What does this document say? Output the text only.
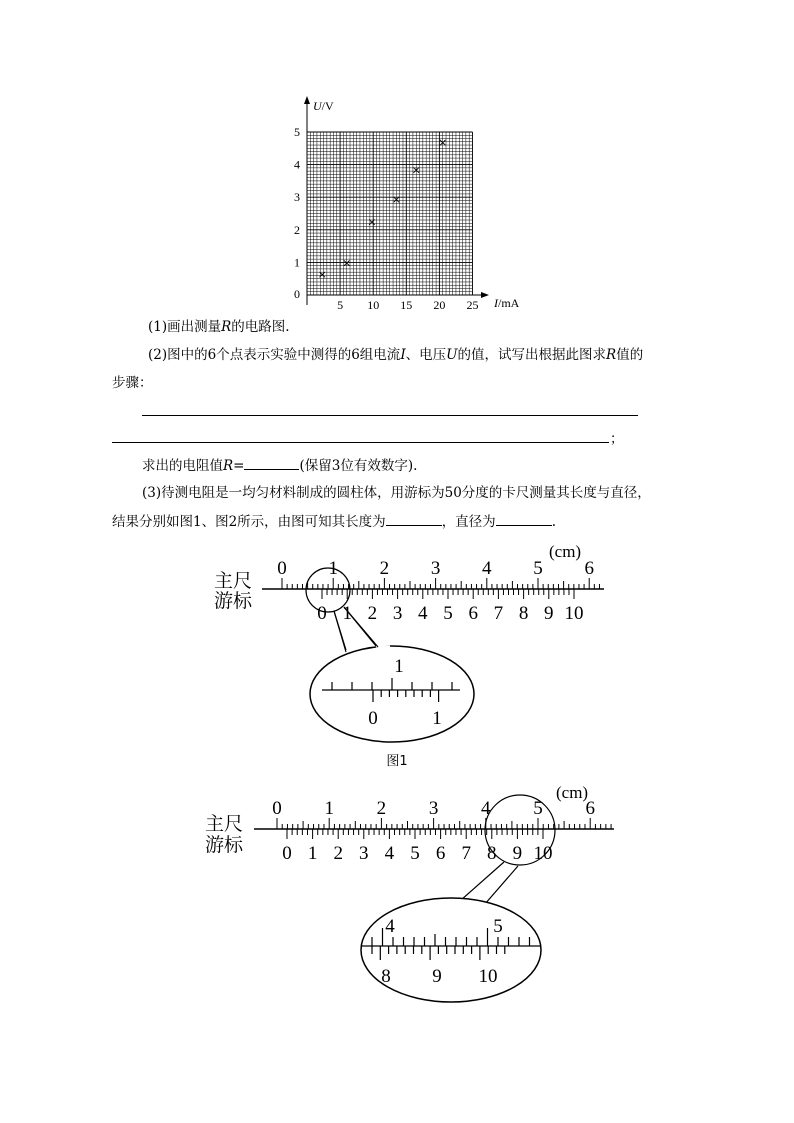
U/V
I/mA
0
5 10 15 20 25
1
2
3
4
5
×
×
×
×
×
×
(1)画出测量R的电路图.
(2)图中的6个点表示实验中测得的6组电流I、电压U的值，试写出根据此图求R值的
步骤：
；
求出的电阻值R=	(保留3位有效数字).
(3)待测电阻是一均匀材料制成的圆柱体，用游标为50分度的卡尺测量其长度与直径，
结果分别如图1、图2所示，由图可知其长度为	，直径为	.
主尺
游标
(cm)
0 1 2 3 4 5 6
0 1 2 3 4 5 6 7 8 9 10
1
0	1
图1
主尺
游标
(cm)
0 1 2 3 4 5 6
0 1 2 3 4 5 6 7 8 9 10
4	5
8 9 10
